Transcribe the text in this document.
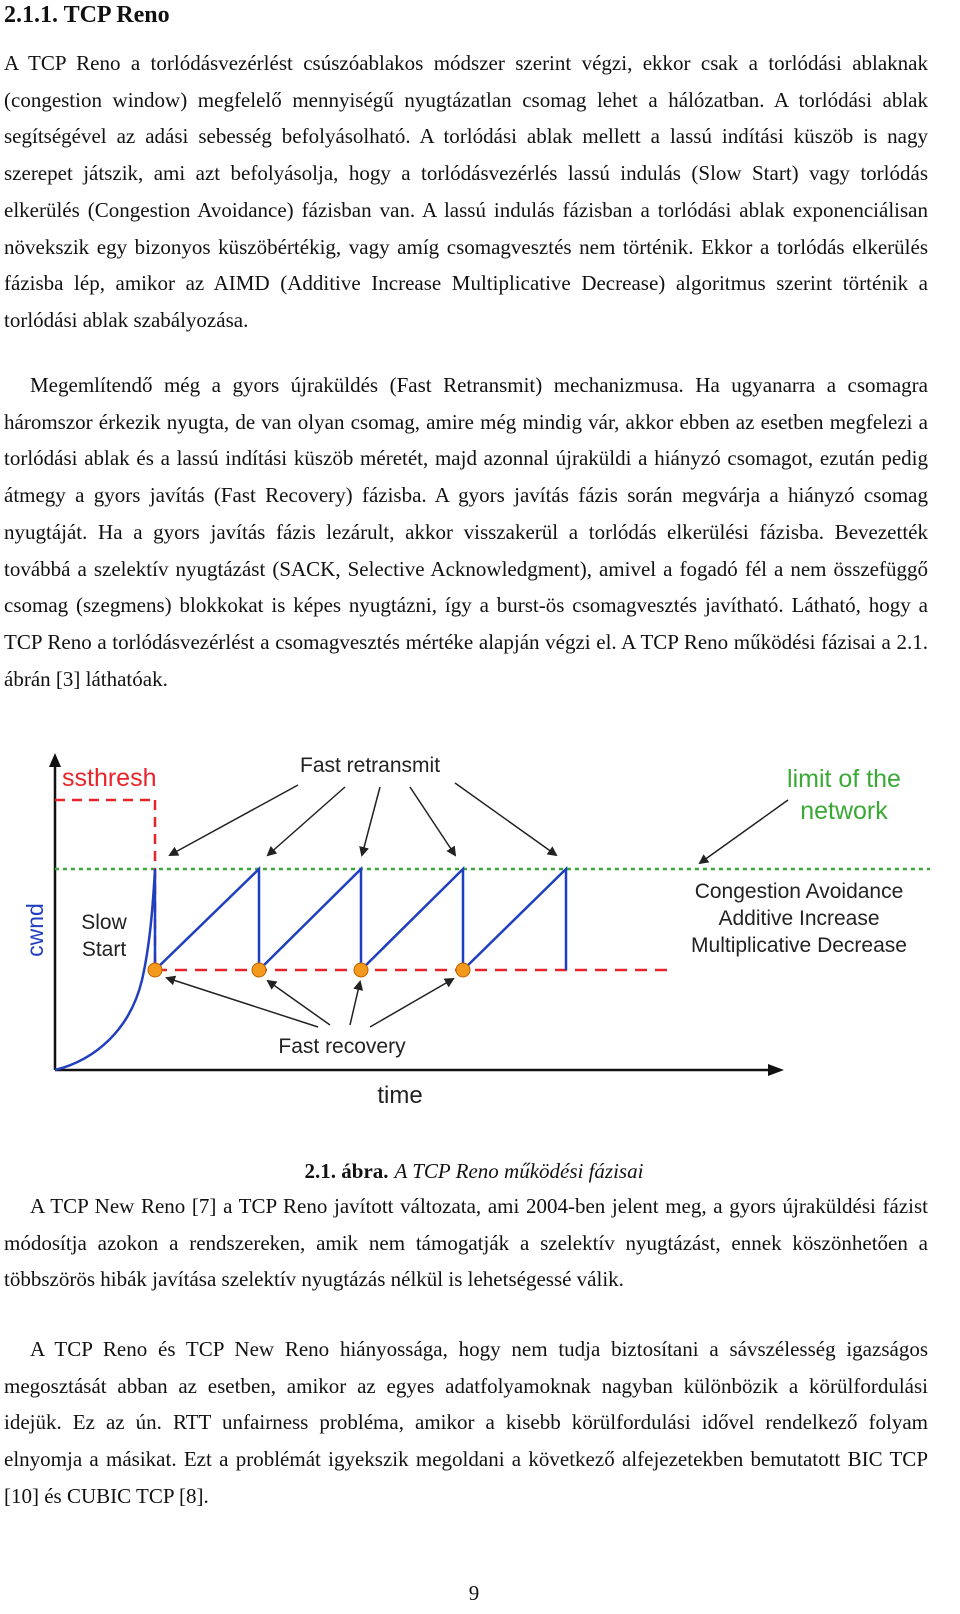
2.1.1. TCP Reno

A TCP Reno a torlódásvezérlést csúszóablakos módszer szerint végzi, ekkor csak a torlódási ablaknak (congestion window) megfelelő mennyiségű nyugtázatlan csomag lehet a hálózatban. A torlódási ablak segítségével az adási sebesség befolyásolható. A torlódási ablak mellett a lassú indítási küszöb is nagy szerepet játszik, ami azt befolyásolja, hogy a torlódásvezérlés lassú indulás (Slow Start) vagy torlódás elkerülés (Congestion Avoidance) fázisban van. A lassú indulás fázisban a torlódási ablak exponenciálisan növekszik egy bizonyos küszöbértékig, vagy amíg csomagvesztés nem történik. Ekkor a torlódás elkerülés fázisba lép, amikor az AIMD (Additive Increase Multiplicative Decrease) algoritmus szerint történik a torlódási ablak szabályozása.

Megemlítendő még a gyors újraküldés (Fast Retransmit) mechanizmusa. Ha ugyanarra a csomagra háromszor érkezik nyugta, de van olyan csomag, amire még mindig vár, akkor ebben az esetben megfelezi a torlódási ablak és a lassú indítási küszöb méretét, majd azonnal újraküldi a hiányzó csomagot, ezután pedig átmegy a gyors javítás (Fast Recovery) fázisba. A gyors javítás fázis során megvárja a hiányzó csomag nyugtáját. Ha a gyors javítás fázis lezárult, akkor visszakerül a torlódás elkerülési fázisba. Bevezették továbbá a szelektív nyugtázást (SACK, Selective Acknowledgment), amivel a fogadó fél a nem összefüggő csomag (szegmens) blokkokat is képes nyugtázni, így a burst-ös csomagvesztés javítható. Látható, hogy a TCP Reno a torlódásvezérlést a csomagvesztés mértéke alapján végzi el. A TCP Reno működési fázisai a 2.1. ábrán [3] láthatóak.

ssthresh	Fast retransmit	limit of the
network
Congestion Avoidance
Additive Increase
Multiplicative Decrease
Slow
Start
cwnd
Fast recovery
time
2.1. ábra. A TCP Reno működési fázisai

A TCP New Reno [7] a TCP Reno javított változata, ami 2004-ben jelent meg, a gyors újraküldési fázist módosítja azokon a rendszereken, amik nem támogatják a szelektív nyugtázást, ennek köszönhetően a többszörös hibák javítása szelektív nyugtázás nélkül is lehetségessé válik.

A TCP Reno és TCP New Reno hiányossága, hogy nem tudja biztosítani a sávszélesség igazságos megosztását abban az esetben, amikor az egyes adatfolyamoknak nagyban különbözik a körülfordulási idejük. Ez az ún. RTT unfairness probléma, amikor a kisebb körülfordulási idővel rendelkező folyam elnyomja a másikat. Ezt a problémát igyekszik megoldani a következő alfejezetekben bemutatott BIC TCP [10] és CUBIC TCP [8].

9
